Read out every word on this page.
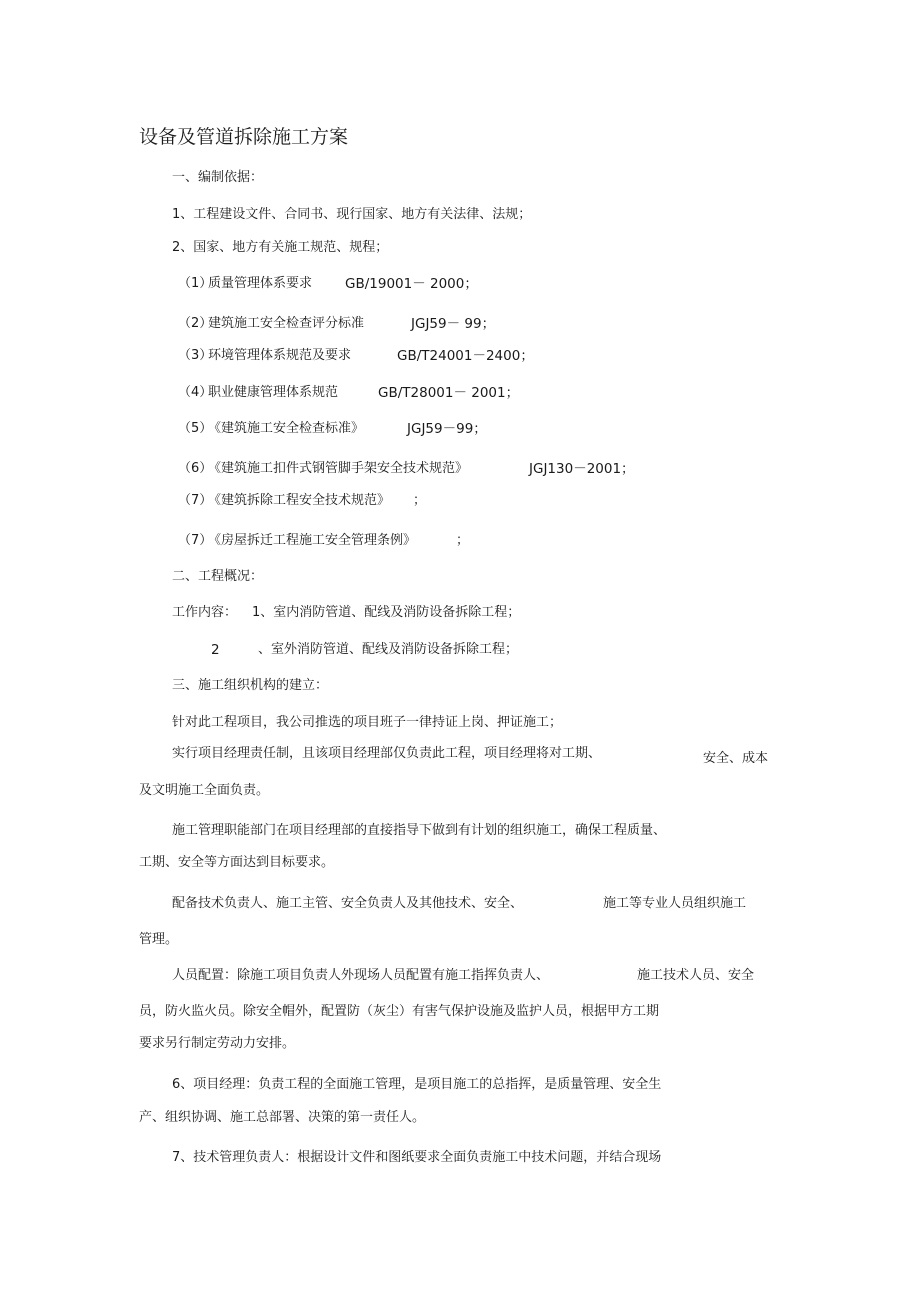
设备及管道拆除施工方案
一、编制依据：
1、工程建设文件、合同书、现行国家、地方有关法律、法规；
2、国家、地方有关施工规范、规程；
（1）
质量管理体系要求 GB/19001－ 2000；
（2）
建筑施工安全检查评分标准	JGJ59－ 99；
（3）
环境管理体系规范及要求	GB/T24001－2400；
（4）
职业健康管理体系规范	GB/T28001－ 2001；
（5）
《建筑施工安全检查标准》	JGJ59－99；
（6）
《建筑施工扣件式钢管脚手架安全技术规范》	JGJ130－2001；
（7）
《建筑拆除工程安全技术规范》 ；
（7）
《房屋拆迁工程施工安全管理条例》	；
二、工程概况：
工作内容： 1、室内消防管道、配线及消防设备拆除工程；
2	、室外消防管道、配线及消防设备拆除工程；
三、施工组织机构的建立：
针对此工程项目，我公司推选的项目班子一律持证上岗、押证施工；
实行项目经理责任制，且该项目经理部仅负责此工程，项目经理将对工期、	安全、成本
及文明施工全面负责。
施工管理职能部门在项目经理部的直接指导下做到有计划的组织施工，确保工程质量、
工期、安全等方面达到目标要求。
配备技术负责人、施工主管、安全负责人及其他技术、安全、	施工等专业人员组织施工
管理。
人员配置：除施工项目负责人外现场人员配置有施工指挥负责人、	施工技术人员、安全
员，防火监火员。除安全帽外，配置防（灰尘）有害气保护设施及监护人员，根据甲方工期
要求另行制定劳动力安排。
6、项目经理：负责工程的全面施工管理，是项目施工的总指挥，是质量管理、安全生
产、组织协调、施工总部署、决策的第一责任人。
7、技术管理负责人：根据设计文件和图纸要求全面负责施工中技术问题，并结合现场
